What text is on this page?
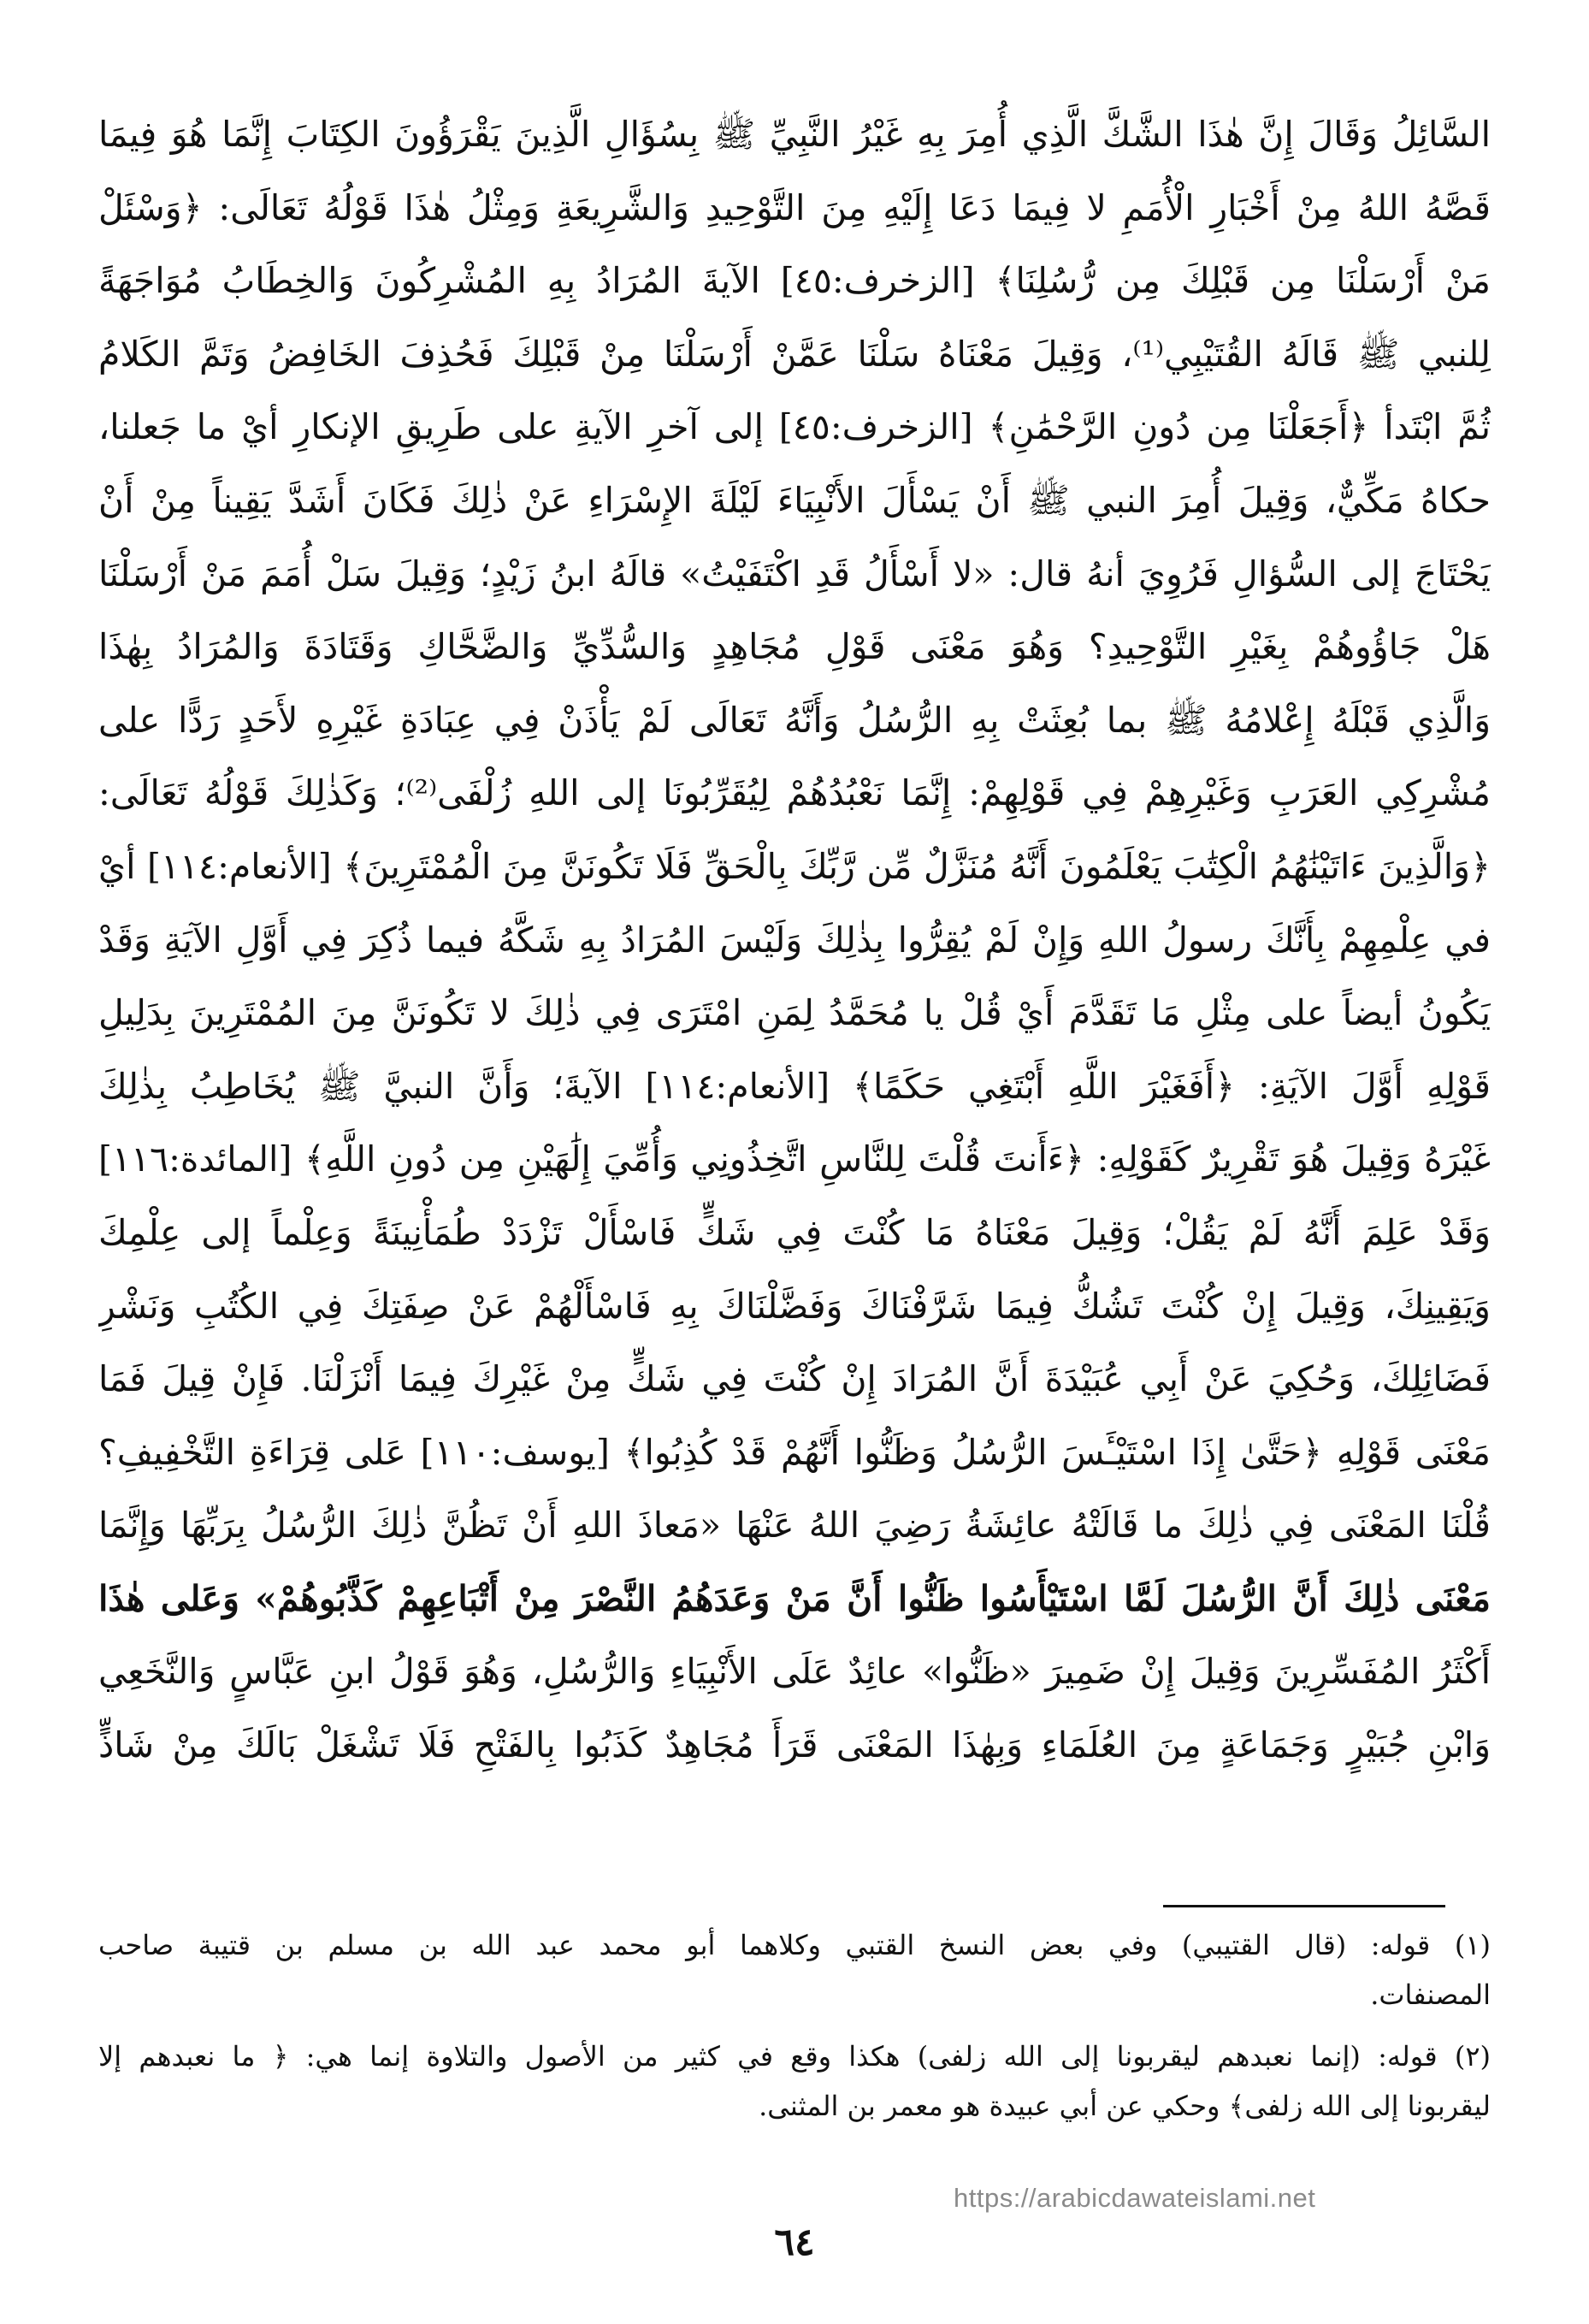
السَّائِلُ وَقَالَ إِنَّ هٰذَا الشَّكَّ الَّذِي أُمِرَ بِهِ غَيْرُ النَّبِيِّ ﷺ بِسُؤَالِ الَّذِينَ يَقْرَؤُونَ الكِتَابَ إِنَّمَا هُوَ فِيمَا
قَصَّهُ اللهُ مِنْ أَخْبَارِ الْأُمَمِ لا فِيمَا دَعَا إِلَيْهِ مِنَ التَّوْحِيدِ وَالشَّرِيعَةِ وَمِثْلُ هٰذَا قَوْلُهُ تَعَالَى: ﴿وَسْئَلْ
مَنْ أَرْسَلْنَا مِن قَبْلِكَ مِن رُّسُلِنَا﴾ [الزخرف:٤٥] الآيةَ المُرَادُ بِهِ المُشْرِكُونَ وَالخِطَابُ مُوَاجَهَةً
لِلنبي ﷺ قَالَهُ القُتَيْبِي⁽¹⁾، وَقِيلَ مَعْنَاهُ سَلْنَا عَمَّنْ أَرْسَلْنَا مِنْ قَبْلِكَ فَحُذِفَ الخَافِضُ وَتَمَّ الكَلامُ
ثُمَّ ابْتَدأ ﴿أَجَعَلْنَا مِن دُونِ الرَّحْمَٰنِ﴾ [الزخرف:٤٥] إلى آخرِ الآيةِ على طَرِيقِ الإنكارِ أيْ ما جَعلنا،
حكاهُ مَكِّيٌّ، وَقِيلَ أُمِرَ النبي ﷺ أَنْ يَسْأَلَ الأَنْبِيَاءَ لَيْلَةَ الإِسْرَاءِ عَنْ ذٰلِكَ فَكَانَ أَشَدَّ يَقِيناً مِنْ أَنْ
يَحْتَاجَ إلى السُّؤالِ فَرُوِيَ أنهُ قال: «لا أَسْأَلُ قَدِ اكْتَفَيْتُ» قالَهُ ابنُ زَيْدٍ؛ وَقِيلَ سَلْ أُمَمَ مَنْ أَرْسَلْنَا
هَلْ جَاؤُوهُمْ بِغَيْرِ التَّوْحِيدِ؟ وَهُوَ مَعْنَى قَوْلِ مُجَاهِدٍ وَالسُّدِّيِّ وَالضَّحَّاكِ وَقَتَادَةَ وَالمُرَادُ بِهٰذَا
وَالَّذِي قَبْلَهُ إِعْلامُهُ ﷺ بما بُعِثَتْ بِهِ الرُّسُلُ وَأَنَّهُ تَعَالَى لَمْ يَأْذَنْ فِي عِبَادَةِ غَيْرِهِ لأَحَدٍ رَدًّا على
مُشْرِكِي العَرَبِ وَغَيْرِهِمْ فِي قَوْلِهِمْ: إِنَّمَا نَعْبُدُهُمْ لِيُقَرِّبُونَا إلى اللهِ زُلْفَى⁽²⁾؛ وَكَذٰلِكَ قَوْلُهُ تَعَالَى:
﴿وَالَّذِينَ ءَاتَيْنَٰهُمُ الْكِتَٰبَ يَعْلَمُونَ أَنَّهُ مُنَزَّلٌ مِّن رَّبِّكَ بِالْحَقِّ فَلَا تَكُونَنَّ مِنَ الْمُمْتَرِينَ﴾ [الأنعام:١١٤] أيْ
في عِلْمِهِمْ بِأَنَّكَ رسولُ اللهِ وَإِنْ لَمْ يُقِرُّوا بِذٰلِكَ وَلَيْسَ المُرَادُ بِهِ شَكَّهُ فيما ذُكِرَ فِي أَوَّلِ الآيَةِ وَقَدْ
يَكُونُ أيضاً على مِثْلِ مَا تَقَدَّمَ أَيْ قُلْ يا مُحَمَّدُ لِمَنِ امْتَرَى فِي ذٰلِكَ لا تَكُونَنَّ مِنَ المُمْتَرِينَ بِدَلِيلِ
قَوْلِهِ أَوَّلَ الآيَةِ: ﴿أَفَغَيْرَ اللَّهِ أَبْتَغِي حَكَمًا﴾ [الأنعام:١١٤] الآيةَ؛ وَأَنَّ النبيَّ ﷺ يُخَاطِبُ بِذٰلِكَ
غَيْرَهُ وَقِيلَ هُوَ تَقْرِيرٌ كَقَوْلِهِ: ﴿ءَأَنتَ قُلْتَ لِلنَّاسِ اتَّخِذُونِي وَأُمِّيَ إِلَٰهَيْنِ مِن دُونِ اللَّهِ﴾ [المائدة:١١٦]
وَقَدْ عَلِمَ أَنَّهُ لَمْ يَقُلْ؛ وَقِيلَ مَعْنَاهُ مَا كُنْتَ فِي شَكٍّ فَاسْأَلْ تَزْدَدْ طُمَأْنِينَةً وَعِلْماً إلى عِلْمِكَ
وَيَقِينِكَ، وَقِيلَ إِنْ كُنْتَ تَشُكُّ فِيمَا شَرَّفْنَاكَ وَفَضَّلْنَاكَ بِهِ فَاسْأَلْهُمْ عَنْ صِفَتِكَ فِي الكُتُبِ وَنَشْرِ
فَضَائِلِكَ، وَحُكِيَ عَنْ أَبِي عُبَيْدَةَ أَنَّ المُرَادَ إِنْ كُنْتَ فِي شَكٍّ مِنْ غَيْرِكَ فِيمَا أَنْزَلْنَا. فَإِنْ قِيلَ فَمَا
مَعْنَى قَوْلِهِ ﴿حَتَّىٰ إِذَا اسْتَيْـَٔسَ الرُّسُلُ وَظَنُّوا أَنَّهُمْ قَدْ كُذِبُوا﴾ [يوسف:١١٠] عَلى قِرَاءَةِ التَّخْفِيفِ؟
قُلْنَا المَعْنَى فِي ذٰلِكَ ما قَالَتْهُ عائِشَةُ رَضِيَ اللهُ عَنْهَا «مَعاذَ اللهِ أَنْ تَظُنَّ ذٰلِكَ الرُّسُلُ بِرَبِّهَا وَإِنَّمَا
مَعْنَى ذٰلِكَ أَنَّ الرُّسُلَ لَمَّا اسْتَيْأَسُوا ظَنُّوا أَنَّ مَنْ وَعَدَهُمُ النَّصْرَ مِنْ أَتْبَاعِهِمْ كَذَّبُوهُمْ» وَعَلى هٰذَا
أَكْثَرُ المُفَسِّرِينَ وَقِيلَ إِنْ ضَمِيرَ «ظَنُّوا» عائِدٌ عَلَى الأَنْبِيَاءِ وَالرُّسُلِ، وَهُوَ قَوْلُ ابنِ عَبَّاسٍ وَالنَّخَعِي
وَابْنِ جُبَيْرٍ وَجَمَاعَةٍ مِنَ العُلَمَاءِ وَبِهٰذَا المَعْنَى قَرَأَ مُجَاهِدٌ كَذَبُوا بِالفَتْحِ فَلَا تَشْغَلْ بَالَكَ مِنْ شَاذٍّ
(١) قوله: (قال القتيبي) وفي بعض النسخ القتبي وكلاهما أبو محمد عبد الله بن مسلم بن قتيبة صاحب
المصنفات.
(٢) قوله: (إنما نعبدهم ليقربونا إلى الله زلفى) هكذا وقع في كثير من الأصول والتلاوة إنما هي: ﴿ ما نعبدهم إلا
ليقربونا إلى الله زلفى﴾ وحكي عن أبي عبيدة هو معمر بن المثنى.
https://arabicdawateislami.net
٦٤
